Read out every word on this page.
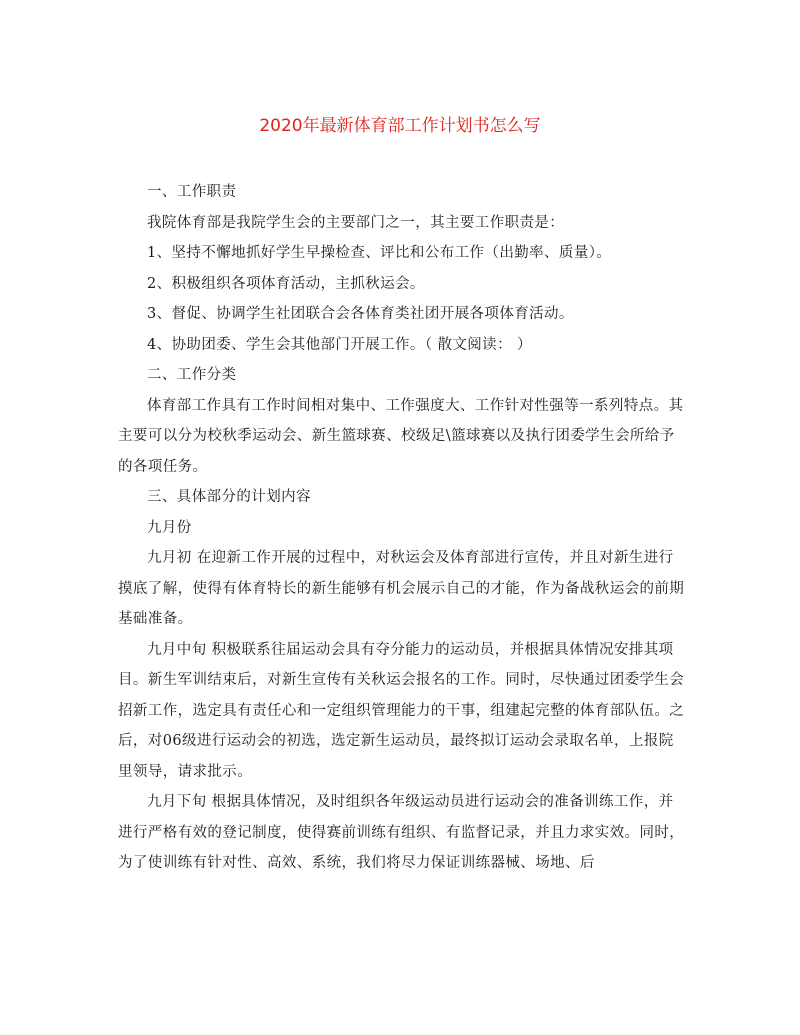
2020年最新体育部工作计划书怎么写

一、工作职责

我院体育部是我院学生会的主要部门之一，其主要工作职责是：

1、坚持不懈地抓好学生早操检查、评比和公布工作（出勤率、质量）。

2、积极组织各项体育活动，主抓秋运会。

3、督促、协调学生社团联合会各体育类社团开展各项体育活动。

4、协助团委、学生会其他部门开展工作。（ 散文阅读： ）

二、工作分类

体育部工作具有工作时间相对集中、工作强度大、工作针对性强等一系列特点。其主要可以分为校秋季运动会、新生篮球赛、校级足\篮球赛以及执行团委学生会所给予的各项任务。

三、具体部分的计划内容

九月份

九月初 在迎新工作开展的过程中，对秋运会及体育部进行宣传，并且对新生进行摸底了解，使得有体育特长的新生能够有机会展示自己的才能，作为备战秋运会的前期基础准备。

九月中旬 积极联系往届运动会具有夺分能力的运动员，并根据具体情况安排其项目。新生军训结束后，对新生宣传有关秋运会报名的工作。同时，尽快通过团委学生会招新工作，选定具有责任心和一定组织管理能力的干事，组建起完整的体育部队伍。之后，对06级进行运动会的初选，选定新生运动员，最终拟订运动会录取名单，上报院里领导，请求批示。

九月下旬 根据具体情况，及时组织各年级运动员进行运动会的准备训练工作，并进行严格有效的登记制度，使得赛前训练有组织、有监督记录，并且力求实效。同时，为了使训练有针对性、高效、系统，我们将尽力保证训练器械、场地、后
